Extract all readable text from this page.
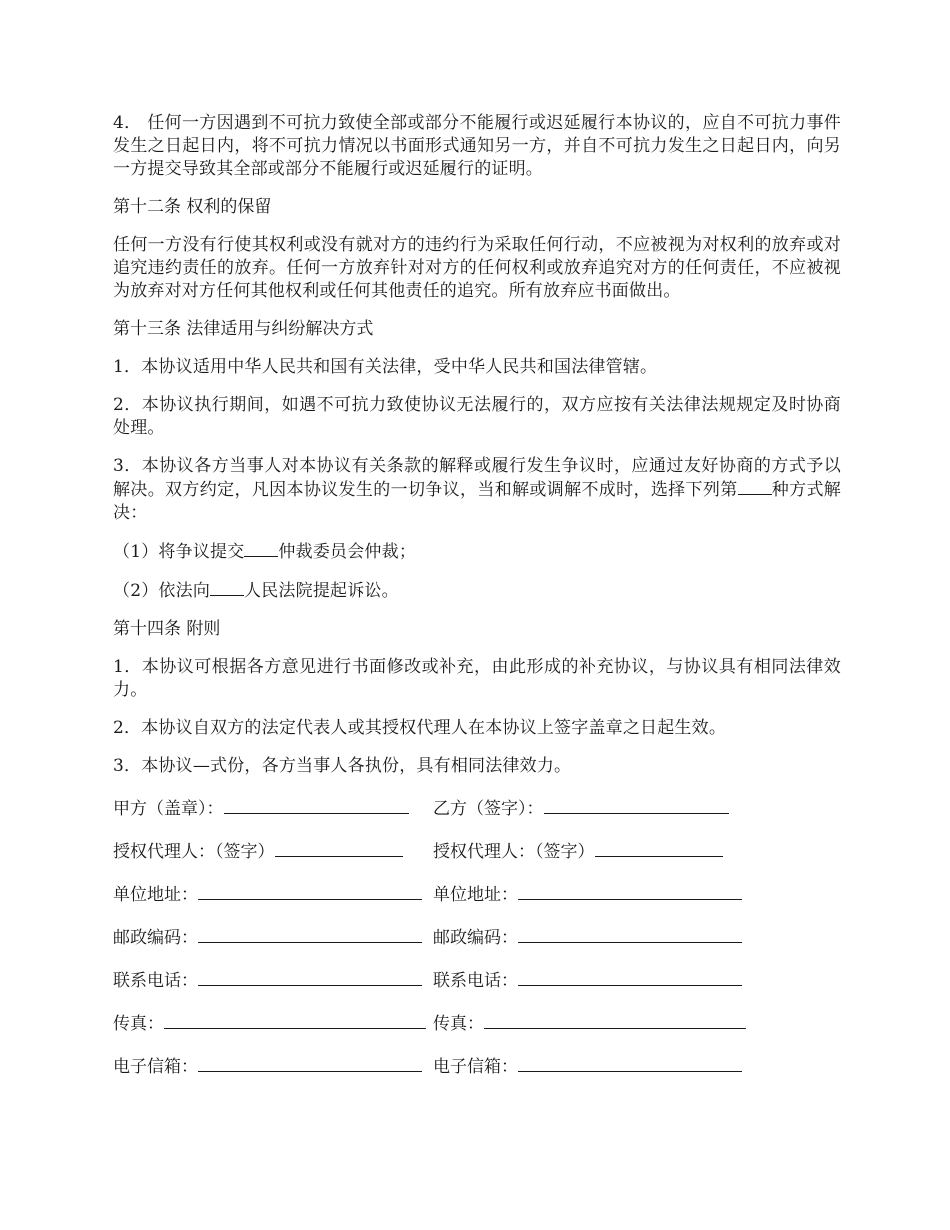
4． 任何一方因遇到不可抗力致使全部或部分不能履行或迟延履行本协议的，应自不可抗力事件发生之日起日内，将不可抗力情况以书面形式通知另一方，并自不可抗力发生之日起日内，向另一方提交导致其全部或部分不能履行或迟延履行的证明。

第十二条 权利的保留

任何一方没有行使其权利或没有就对方的违约行为采取任何行动，不应被视为对权利的放弃或对追究违约责任的放弃。任何一方放弃针对对方的任何权利或放弃追究对方的任何责任，不应被视为放弃对对方任何其他权利或任何其他责任的追究。所有放弃应书面做出。

第十三条 法律适用与纠纷解决方式

1．本协议适用中华人民共和国有关法律，受中华人民共和国法律管辖。

2．本协议执行期间，如遇不可抗力致使协议无法履行的，双方应按有关法律法规规定及时协商处理。

3．本协议各方当事人对本协议有关条款的解释或履行发生争议时，应通过友好协商的方式予以解决。双方约定，凡因本协议发生的一切争议，当和解或调解不成时，选择下列第 种方式解决：

（1）将争议提交 仲裁委员会仲裁；

（2）依法向 人民法院提起诉讼。

第十四条 附则

1．本协议可根据各方意见进行书面修改或补充，由此形成的补充协议，与协议具有相同法律效力。

2．本协议自双方的法定代表人或其授权代理人在本协议上签字盖章之日起生效。

3．本协议—式份，各方当事人各执份，具有相同法律效力。

甲方（盖章）：	乙方（签字）：
授权代理人：（签字）	授权代理人：（签字）
单位地址：	单位地址：
邮政编码：	邮政编码：
联系电话：	联系电话：
传真：	传真：
电子信箱：	电子信箱：
